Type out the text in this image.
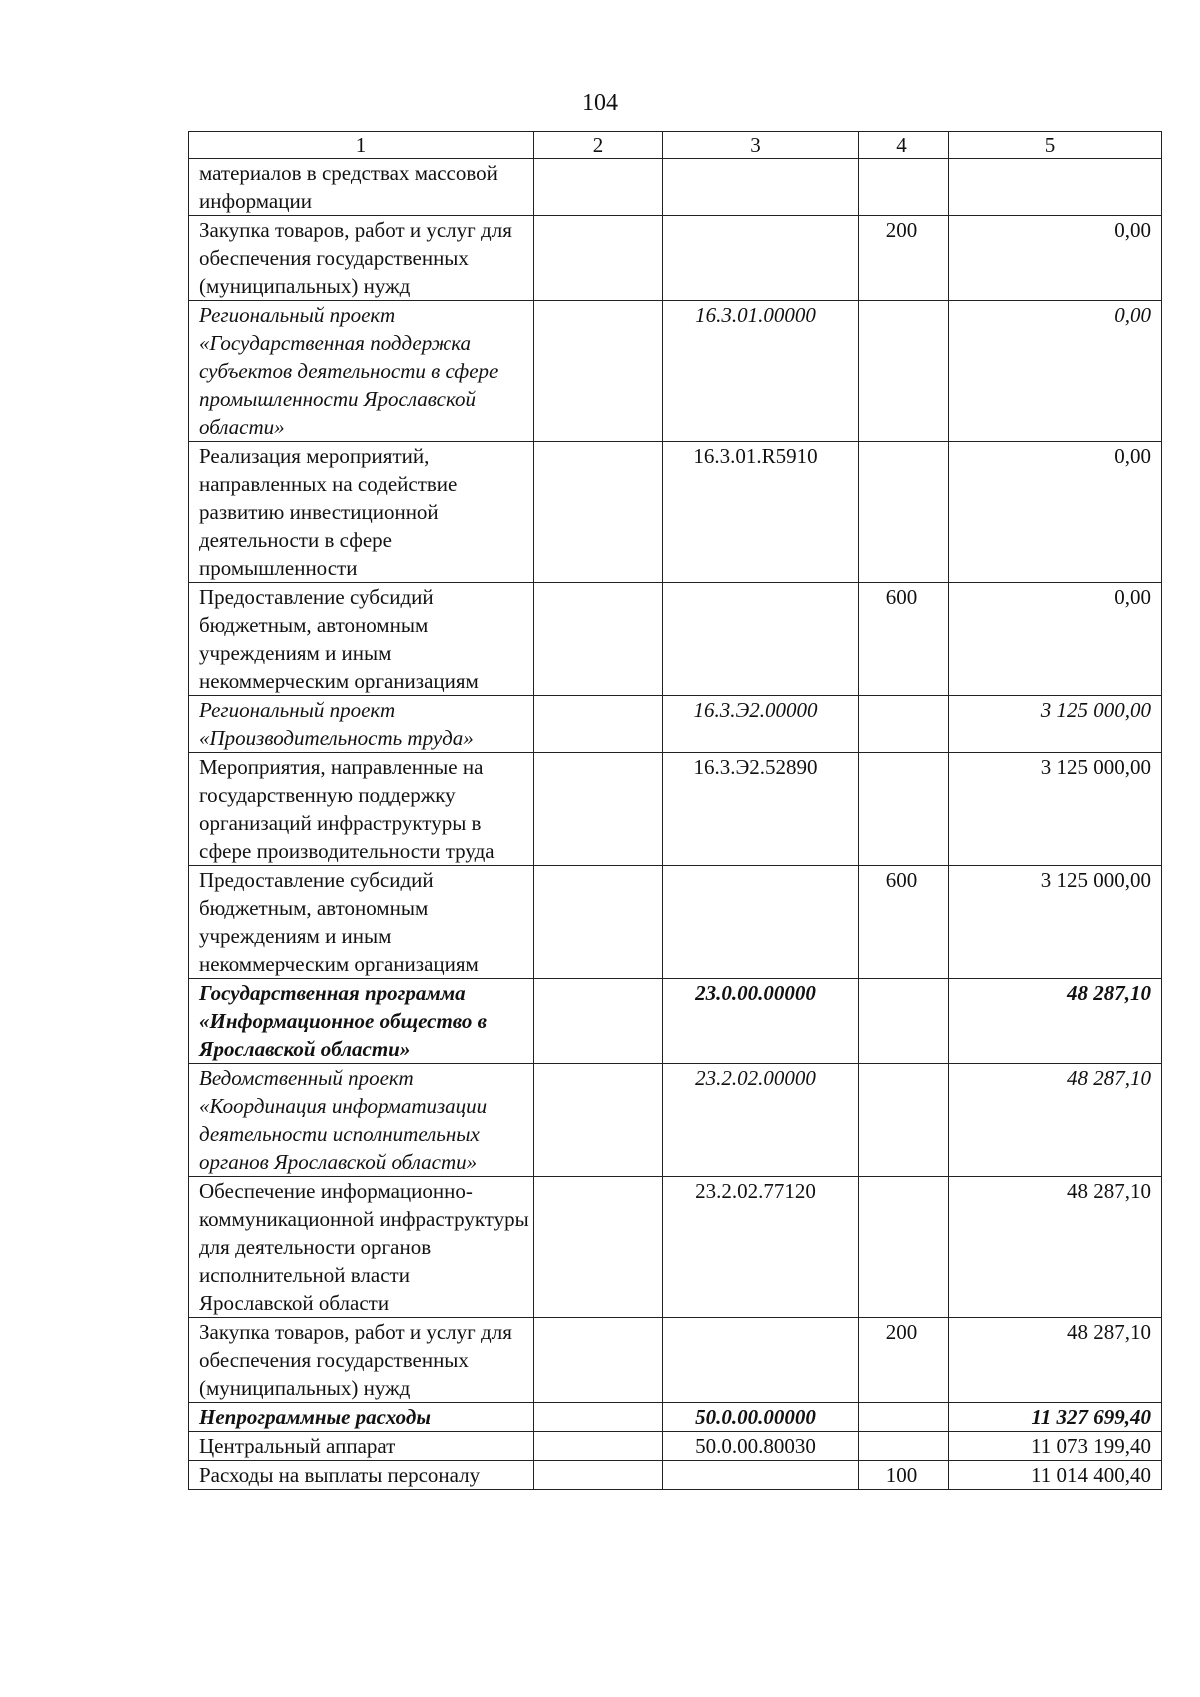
104
1	2	3	4	5
материалов в средствах массовой информации				
Закупка товаров, работ и услуг для обеспечения государственных (муниципальных) нужд			200	0,00
Региональный проект «Государственная поддержка субъектов деятельности в сфере промышленности Ярославской области»		16.3.01.00000		0,00
Реализация мероприятий, направленных на содействие развитию инвестиционной деятельности в сфере промышленности		16.3.01.R5910		0,00
Предоставление субсидий бюджетным, автономным учреждениям и иным некоммерческим организациям			600	0,00
Региональный проект «Производительность труда»		16.3.Э2.00000		3 125 000,00
Мероприятия, направленные на государственную поддержку организаций инфраструктуры в сфере производительности труда		16.3.Э2.52890		3 125 000,00
Предоставление субсидий бюджетным, автономным учреждениям и иным некоммерческим организациям			600	3 125 000,00
Государственная программа «Информационное общество в Ярославской области»		23.0.00.00000		48 287,10
Ведомственный проект «Координация информатизации деятельности исполнительных органов Ярославской области»		23.2.02.00000		48 287,10
Обеспечение информационно-коммуникационной инфраструктуры для деятельности органов исполнительной власти Ярославской области		23.2.02.77120		48 287,10
Закупка товаров, работ и услуг для обеспечения государственных (муниципальных) нужд			200	48 287,10
Непрограммные расходы		50.0.00.00000		11 327 699,40
Центральный аппарат		50.0.00.80030		11 073 199,40
Расходы на выплаты персоналу			100	11 014 400,40
